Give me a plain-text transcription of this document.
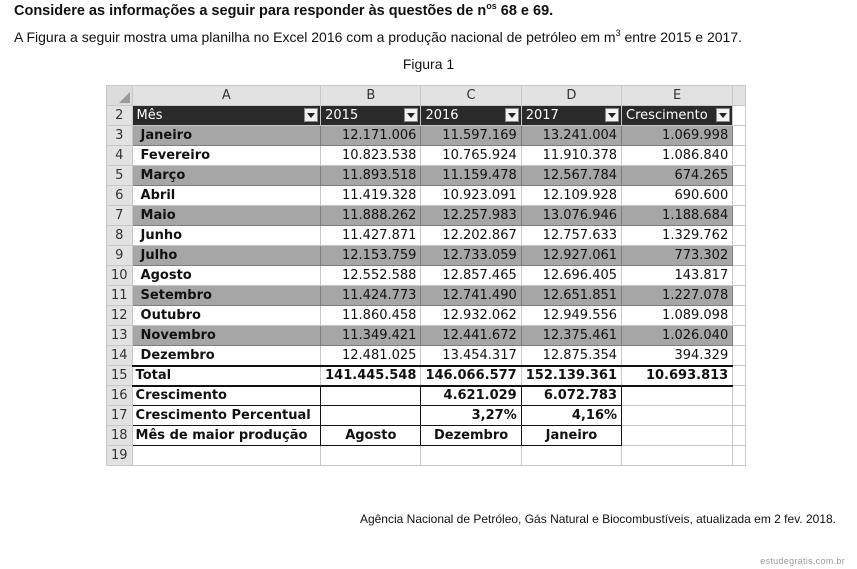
Considere as informações a seguir para responder às questões de $n^{os}$ 68 e 69.
A Figura a seguir mostra uma planilha no Excel 2016 com a produção nacional de petróleo em $m^3$ entre 2015 e 2017.
Figura 1
	A	B	C	D	E	
2	Mês	2015	2016	2017	Crescimento

3	Janeiro	12.171.006	11.597.169	13.241.004	1.069.998	
4	Fevereiro	10.823.538	10.765.924	11.910.378	1.086.840	
5	Março	11.893.518	11.159.478	12.567.784	674.265	
6	Abril	11.419.328	10.923.091	12.109.928	690.600	
7	Maio	11.888.262	12.257.983	13.076.946	1.188.684	
8	Junho	11.427.871	12.202.867	12.757.633	1.329.762	
9	Julho	12.153.759	12.733.059	12.927.061	773.302	
10	Agosto	12.552.588	12.857.465	12.696.405	143.817	
11	Setembro	11.424.773	12.741.490	12.651.851	1.227.078	
12	Outubro	11.860.458	12.932.062	12.949.556	1.089.098	
13	Novembro	11.349.421	12.441.672	12.375.461	1.026.040	
14	Dezembro	12.481.025	13.454.317	12.875.354	394.329	
15	Total	141.445.548	146.066.577	152.139.361	10.693.813	
16	Crescimento		4.621.029	6.072.783		
17	Crescimento Percentual		3,27%	4,16%		
18	Mês de maior produção	Agosto	Dezembro	Janeiro		
19						
Agência Nacional de Petróleo, Gás Natural e Biocombustíveis, atualizada em 2 fev. 2018.
estudegratis.com.br
